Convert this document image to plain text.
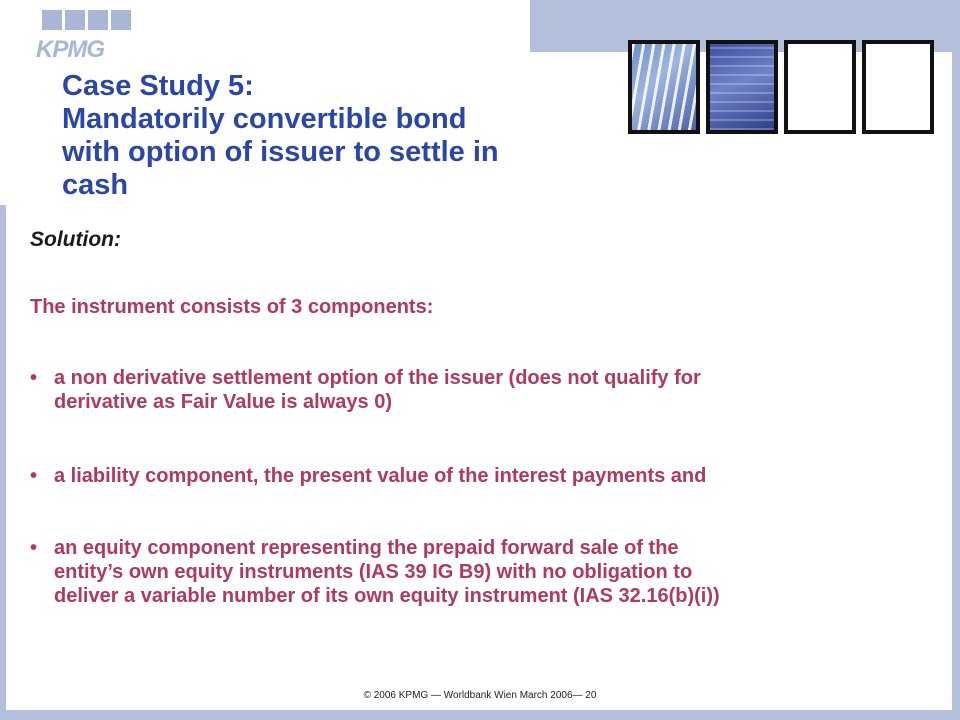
KPMG
Case Study 5:
Mandatorily convertible bond
with option of issuer to settle in
cash
Solution:
The instrument consists of 3 components:
• a non derivative settlement option of the issuer (does not qualify for
derivative as Fair Value is always 0)
• a liability component, the present value of the interest payments and
• an equity component representing the prepaid forward sale of the
entity’s own equity instruments (IAS 39 IG B9) with no obligation to
deliver a variable number of its own equity instrument (IAS 32.16(b)(i))
© 2006 KPMG — Worldbank Wien March 2006— 20
